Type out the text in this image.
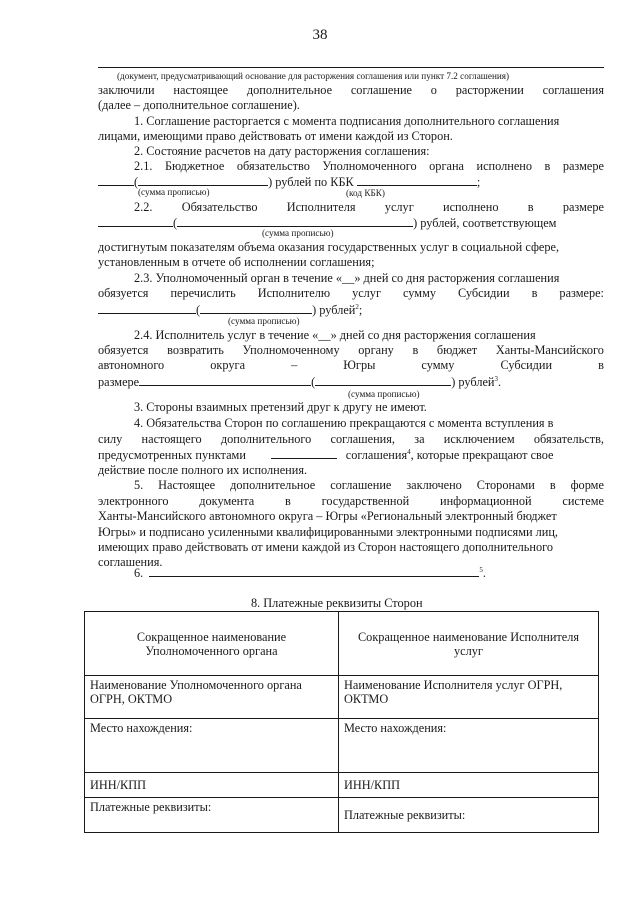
38
(документ, предусматривающий основание для расторжения соглашения или пункт 7.2 соглашения)
заключили настоящее дополнительное соглашение о расторжении соглашения
(далее – дополнительное соглашение).
1. Соглашение расторгается с момента подписания дополнительного соглашения
лицами, имеющими право действовать от имени каждой из Сторон.
2. Состояние расчетов на дату расторжения соглашения:
2.1. Бюджетное обязательство Уполномоченного органа исполнено в размере
(	) рублей по КБК	;
(сумма прописью)	(код КБК)
2.2. Обязательство Исполнителя услуг исполнено в размере
(	) рублей, соответствующем
(сумма прописью)
достигнутым показателям объема оказания государственных услуг в социальной сфере,
установленным в отчете об исполнении соглашения;
2.3. Уполномоченный орган в течение «__» дней со дня расторжения соглашения
обязуется перечислить Исполнителю услуг сумму Субсидии в размере:
(	) рублей$^2$;
(сумма прописью)
2.4. Исполнитель услуг в течение «__» дней со дня расторжения соглашения
обязуется возвратить Уполномоченному органу в бюджет Ханты-Мансийского
автономного	округа	–	Югры	сумму	Субсидии	в
размере	(	) рублей$^3$.
(сумма прописью)
3. Стороны взаимных претензий друг к другу не имеют.
4. Обязательства Сторон по соглашению прекращаются с момента вступления в
силу настоящего дополнительного соглашения, за исключением обязательств,
предусмотренных пунктами	соглашения$^4$, которые прекращают свое
действие после полного их исполнения.
5. Настоящее дополнительное соглашение заключено Сторонами в форме
электронного	документа	в	государственной	информационной	системе
Ханты-Мансийского автономного округа – Югры «Региональный электронный бюджет
Югры» и подписано усиленными квалифицированными электронными подписями лиц,
имеющих право действовать от имени каждой из Сторон настоящего дополнительного
соглашения.
6.	$^5$.
8. Платежные реквизиты Сторон
Сокращенное наименование Уполномоченного органа	Сокращенное наименование Исполнителя услуг
Наименование Уполномоченного органа ОГРН, ОКТМО	Наименование Исполнителя услуг ОГРН, ОКТМО
Место нахождения:	Место нахождения:
ИНН/КПП	ИНН/КПП
Платежные реквизиты:	Платежные реквизиты:
